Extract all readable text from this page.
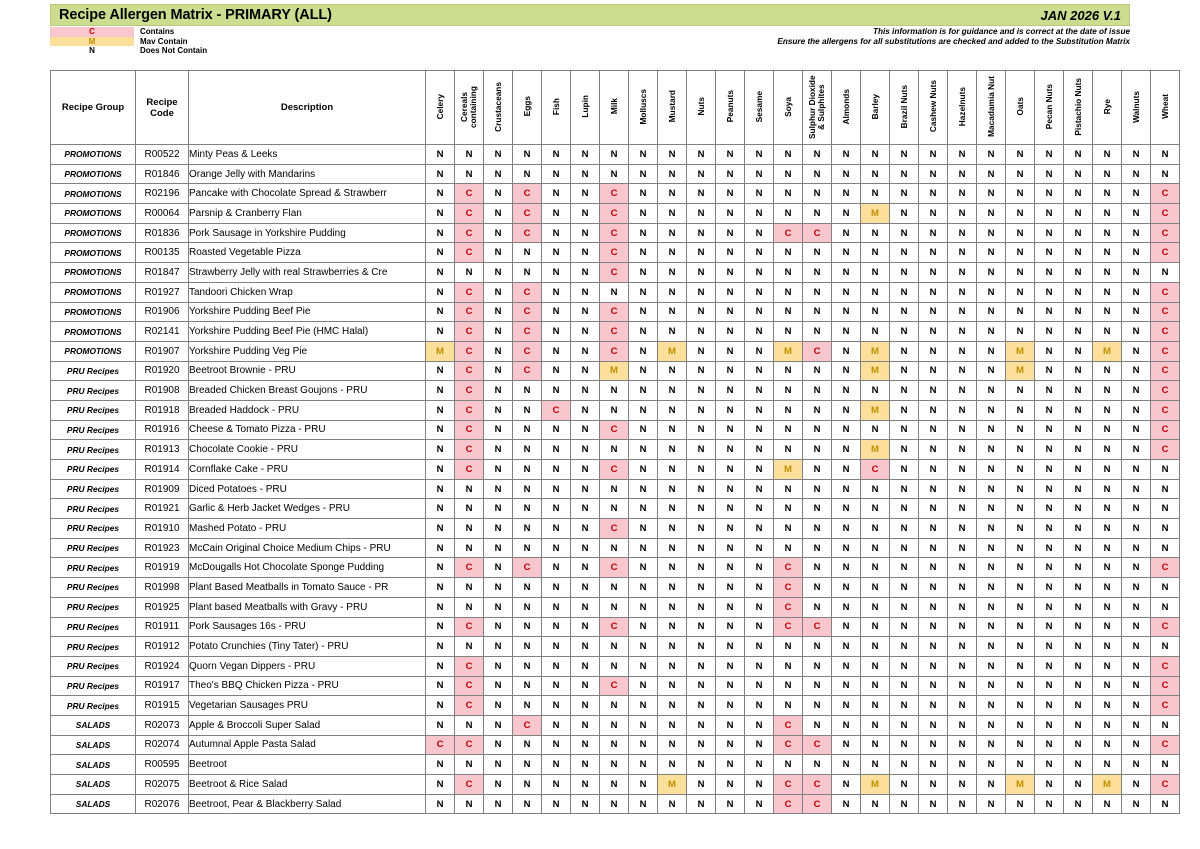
Recipe Allergen Matrix - PRIMARY (ALL)	JAN 2026 V.1
C	Contains
M	Mav Contain
N	Does Not Contain
This information is for guidance and is correct at the date of issue
Ensure the allergens for all substitutions are checked and added to the Substitution Matrix
Recipe Group	Recipe Code	Description	Celery	Cereals containing	Crustaceans	Eggs	Fish	Lupin	Milk	Molluscs	Mustard	Nuts	Peanuts	Sesame	Soya	Sulphur Dioxide & Sulphites	Almonds	Barley	Brazil Nuts	Cashew Nuts	Hazelnuts	Macadamia Nut	Oats	Pecan Nuts	Pistachio Nuts	Rye	Walnuts	Wheat
PROMOTIONS	R00522	Minty Peas & Leeks	N	N	N	N	N	N	N	N	N	N	N	N	N	N	N	N	N	N	N	N	N	N	N	N	N	N
PROMOTIONS	R01846	Orange Jelly with Mandarins	N	N	N	N	N	N	N	N	N	N	N	N	N	N	N	N	N	N	N	N	N	N	N	N	N	N
PROMOTIONS	R02196	Pancake with Chocolate Spread & Strawberr	N	C	N	C	N	N	C	N	N	N	N	N	N	N	N	N	N	N	N	N	N	N	N	N	N	C
PROMOTIONS	R00064	Parsnip & Cranberry Flan	N	C	N	C	N	N	C	N	N	N	N	N	N	N	N	M	N	N	N	N	N	N	N	N	N	C
PROMOTIONS	R01836	Pork Sausage in Yorkshire Pudding	N	C	N	C	N	N	C	N	N	N	N	N	C	C	N	N	N	N	N	N	N	N	N	N	N	C
PROMOTIONS	R00135	Roasted Vegetable Pizza	N	C	N	N	N	N	C	N	N	N	N	N	N	N	N	N	N	N	N	N	N	N	N	N	N	C
PROMOTIONS	R01847	Strawberry Jelly with real Strawberries & Cre	N	N	N	N	N	N	C	N	N	N	N	N	N	N	N	N	N	N	N	N	N	N	N	N	N	N
PROMOTIONS	R01927	Tandoori Chicken Wrap	N	C	N	C	N	N	N	N	N	N	N	N	N	N	N	N	N	N	N	N	N	N	N	N	N	C
PROMOTIONS	R01906	Yorkshire Pudding Beef Pie	N	C	N	C	N	N	C	N	N	N	N	N	N	N	N	N	N	N	N	N	N	N	N	N	N	C
PROMOTIONS	R02141	Yorkshire Pudding Beef Pie (HMC Halal)	N	C	N	C	N	N	C	N	N	N	N	N	N	N	N	N	N	N	N	N	N	N	N	N	N	C
PROMOTIONS	R01907	Yorkshire Pudding Veg Pie	M	C	N	C	N	N	C	N	M	N	N	N	M	C	N	M	N	N	N	N	M	N	N	M	N	C
PRU Recipes	R01920	Beetroot Brownie - PRU	N	C	N	C	N	N	M	N	N	N	N	N	N	N	N	M	N	N	N	N	M	N	N	N	N	C
PRU Recipes	R01908	Breaded Chicken Breast Goujons - PRU	N	C	N	N	N	N	N	N	N	N	N	N	N	N	N	N	N	N	N	N	N	N	N	N	N	C
PRU Recipes	R01918	Breaded Haddock - PRU	N	C	N	N	C	N	N	N	N	N	N	N	N	N	N	M	N	N	N	N	N	N	N	N	N	C
PRU Recipes	R01916	Cheese & Tomato Pizza - PRU	N	C	N	N	N	N	C	N	N	N	N	N	N	N	N	N	N	N	N	N	N	N	N	N	N	C
PRU Recipes	R01913	Chocolate Cookie - PRU	N	C	N	N	N	N	N	N	N	N	N	N	N	N	N	M	N	N	N	N	N	N	N	N	N	C
PRU Recipes	R01914	Cornflake Cake - PRU	N	C	N	N	N	N	C	N	N	N	N	N	M	N	N	C	N	N	N	N	N	N	N	N	N	N
PRU Recipes	R01909	Diced Potatoes - PRU	N	N	N	N	N	N	N	N	N	N	N	N	N	N	N	N	N	N	N	N	N	N	N	N	N	N
PRU Recipes	R01921	Garlic & Herb Jacket Wedges - PRU	N	N	N	N	N	N	N	N	N	N	N	N	N	N	N	N	N	N	N	N	N	N	N	N	N	N
PRU Recipes	R01910	Mashed Potato - PRU	N	N	N	N	N	N	C	N	N	N	N	N	N	N	N	N	N	N	N	N	N	N	N	N	N	N
PRU Recipes	R01923	McCain Original Choice Medium Chips - PRU	N	N	N	N	N	N	N	N	N	N	N	N	N	N	N	N	N	N	N	N	N	N	N	N	N	N
PRU Recipes	R01919	McDougalls Hot Chocolate Sponge Pudding	N	C	N	C	N	N	C	N	N	N	N	N	C	N	N	N	N	N	N	N	N	N	N	N	N	C
PRU Recipes	R01998	Plant Based Meatballs in Tomato Sauce - PR	N	N	N	N	N	N	N	N	N	N	N	N	C	N	N	N	N	N	N	N	N	N	N	N	N	N
PRU Recipes	R01925	Plant based Meatballs with Gravy - PRU	N	N	N	N	N	N	N	N	N	N	N	N	C	N	N	N	N	N	N	N	N	N	N	N	N	N
PRU Recipes	R01911	Pork Sausages 16s - PRU	N	C	N	N	N	N	C	N	N	N	N	N	C	C	N	N	N	N	N	N	N	N	N	N	N	C
PRU Recipes	R01912	Potato Crunchies (Tiny Tater) - PRU	N	N	N	N	N	N	N	N	N	N	N	N	N	N	N	N	N	N	N	N	N	N	N	N	N	N
PRU Recipes	R01924	Quorn Vegan Dippers - PRU	N	C	N	N	N	N	N	N	N	N	N	N	N	N	N	N	N	N	N	N	N	N	N	N	N	C
PRU Recipes	R01917	Theo's BBQ Chicken Pizza - PRU	N	C	N	N	N	N	C	N	N	N	N	N	N	N	N	N	N	N	N	N	N	N	N	N	N	C
PRU Recipes	R01915	Vegetarian Sausages PRU	N	C	N	N	N	N	N	N	N	N	N	N	N	N	N	N	N	N	N	N	N	N	N	N	N	C
SALADS	R02073	Apple & Broccoli Super Salad	N	N	N	C	N	N	N	N	N	N	N	N	C	N	N	N	N	N	N	N	N	N	N	N	N	N
SALADS	R02074	Autumnal Apple Pasta Salad	C	C	N	N	N	N	N	N	N	N	N	N	C	C	N	N	N	N	N	N	N	N	N	N	N	C
SALADS	R00595	Beetroot	N	N	N	N	N	N	N	N	N	N	N	N	N	N	N	N	N	N	N	N	N	N	N	N	N	N
SALADS	R02075	Beetroot & Rice Salad	N	C	N	N	N	N	N	N	M	N	N	N	C	C	N	M	N	N	N	N	M	N	N	M	N	C
SALADS	R02076	Beetroot, Pear & Blackberry Salad	N	N	N	N	N	N	N	N	N	N	N	N	C	C	N	N	N	N	N	N	N	N	N	N	N	N
